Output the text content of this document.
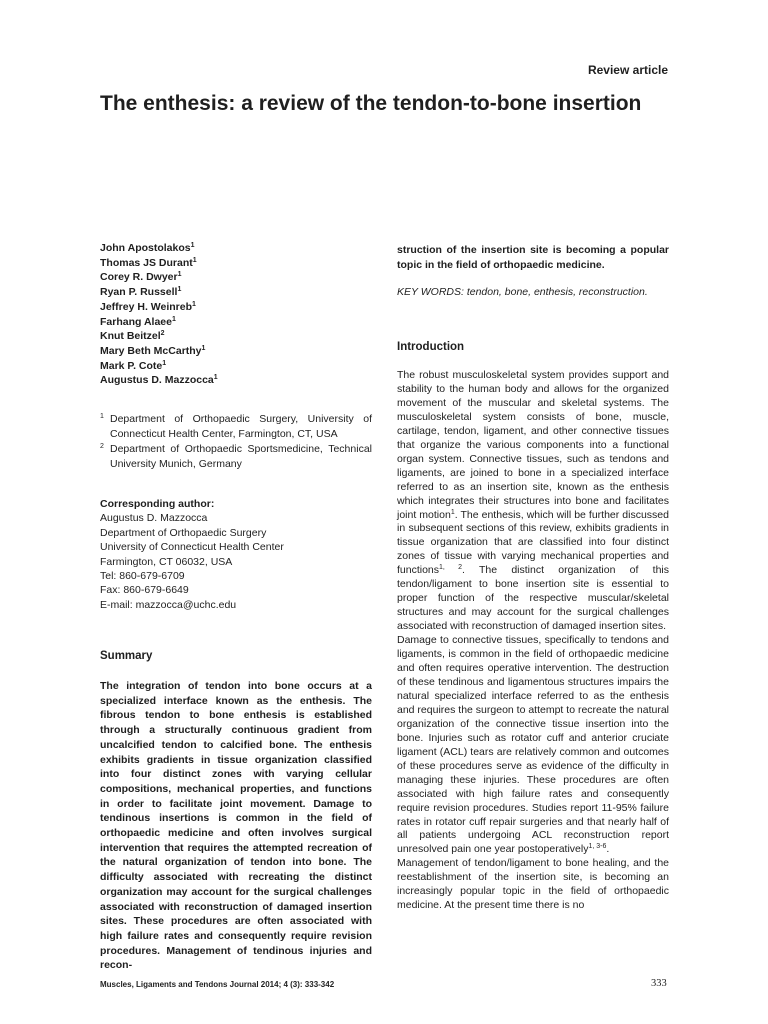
Review article
The enthesis: a review of the tendon-to-bone insertion
John Apostolakos$^1$
Thomas JS Durant$^1$
Corey R. Dwyer$^1$
Ryan P. Russell$^1$
Jeffrey H. Weinreb$^1$
Farhang Alaee$^1$
Knut Beitzel$^2$
Mary Beth McCarthy$^1$
Mark P. Cote$^1$
Augustus D. Mazzocca$^1$
1 Department of Orthopaedic Surgery, University of Connecticut Health Center, Farmington, CT, USA
2 Department of Orthopaedic Sportsmedicine, Technical University Munich, Germany
Corresponding author:
Augustus D. Mazzocca
Department of Orthopaedic Surgery
University of Connecticut Health Center
Farmington, CT 06032, USA
Tel: 860-679-6709
Fax: 860-679-6649
E-mail: mazzocca@uchc.edu
Summary
The integration of tendon into bone occurs at a specialized interface known as the enthesis. The fibrous tendon to bone enthesis is established through a structurally continuous gradient from uncalcified tendon to calcified bone. The enthesis exhibits gradients in tissue organization classified into four distinct zones with varying cellular compositions, mechanical properties, and functions in order to facilitate joint movement. Damage to tendinous insertions is common in the field of orthopaedic medicine and often involves surgical intervention that requires the attempted recreation of the natural organization of tendon into bone. The difficulty associated with recreating the distinct organization may account for the surgical challenges associated with reconstruction of damaged insertion sites. These procedures are often associated with high failure rates and consequently require revision procedures. Management of tendinous injuries and recon-
struction of the insertion site is becoming a popular topic in the field of orthopaedic medicine.
KEY WORDS: tendon, bone, enthesis, reconstruction.
Introduction

The robust musculoskeletal system provides support and stability to the human body and allows for the organized movement of the muscular and skeletal systems. The musculoskeletal system consists of bone, muscle, cartilage, tendon, ligament, and other connective tissues that organize the various components into a functional organ system. Connective tissues, such as tendons and ligaments, are joined to bone in a specialized interface referred to as an insertion site, known as the enthesis which integrates their structures into bone and facilitates joint motion$^1$. The enthesis, which will be further discussed in subsequent sections of this review, exhibits gradients in tissue organization that are classified into four distinct zones of tissue with varying mechanical properties and functions$^{1, 2}$. The distinct organization of this tendon/ligament to bone insertion site is essential to proper function of the respective muscular/skeletal structures and may account for the surgical challenges associated with reconstruction of damaged insertion sites.

Damage to connective tissues, specifically to tendons and ligaments, is common in the field of orthopaedic medicine and often requires operative intervention. The destruction of these tendinous and ligamentous structures impairs the natural specialized interface referred to as the enthesis and requires the surgeon to attempt to recreate the natural organization of the connective tissue insertion into the bone. Injuries such as rotator cuff and anterior cruciate ligament (ACL) tears are relatively common and outcomes of these procedures serve as evidence of the difficulty in managing these injuries. These procedures are often associated with high failure rates and consequently require revision procedures. Studies report 11-95% failure rates in rotator cuff repair surgeries and that nearly half of all patients undergoing ACL reconstruction report unresolved pain one year postoperatively$^{1, 3-6}$.

Management of tendon/ligament to bone healing, and the reestablishment of the insertion site, is becoming an increasingly popular topic in the field of orthopaedic medicine. At the present time there is no

Muscles, Ligaments and Tendons Journal 2014; 4 (3): 333-342	333
